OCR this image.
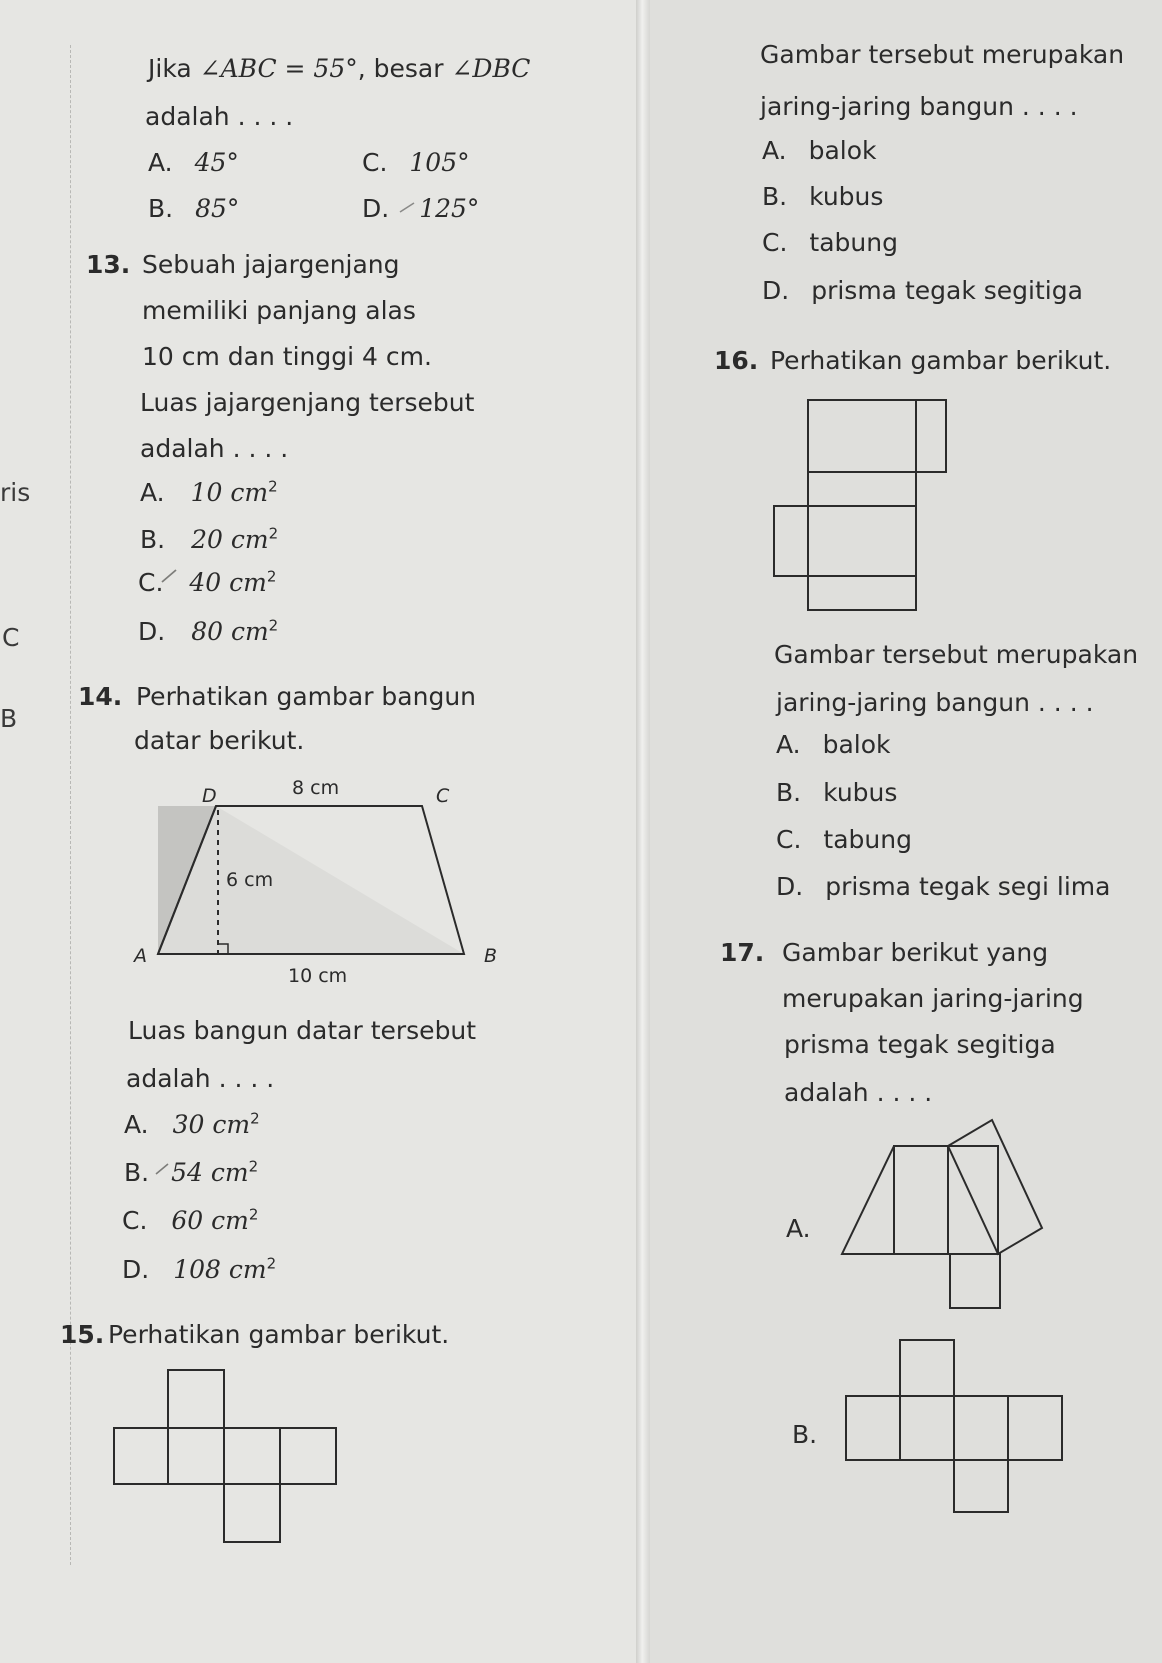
ris
C
B
Jika ∠ABC = 55°, besar ∠DBC
adalah . . . .
A. 45°	C. 105°
B. 85°	D. 125°
13. Sebuah jajargenjang
memiliki panjang alas
10 cm dan tinggi 4 cm.
Luas jajargenjang tersebut
adalah . . . .
A. 10 $cm^2$
B. 20 $cm^2$
C. 40 $cm^2$
D. 80 $cm^2$
14. Perhatikan gambar bangun
datar berikut.
D	C
A	B
8 cm
6 cm
10 cm
Luas bangun datar tersebut
adalah . . . .
A. 30 $cm^2$
B. 54 $cm^2$
C. 60 $cm^2$
D. 108 $cm^2$
15. Perhatikan gambar berikut.
Gambar tersebut merupakan
jaring-jaring bangun . . . .
A. balok
B. kubus
C. tabung
D. prisma tegak segitiga
16. Perhatikan gambar berikut.
Gambar tersebut merupakan
jaring-jaring bangun . . . .
A. balok
B. kubus
C. tabung
D. prisma tegak segi lima
17. Gambar berikut yang
merupakan jaring-jaring
prisma tegak segitiga
adalah . . . .
A.
B.
